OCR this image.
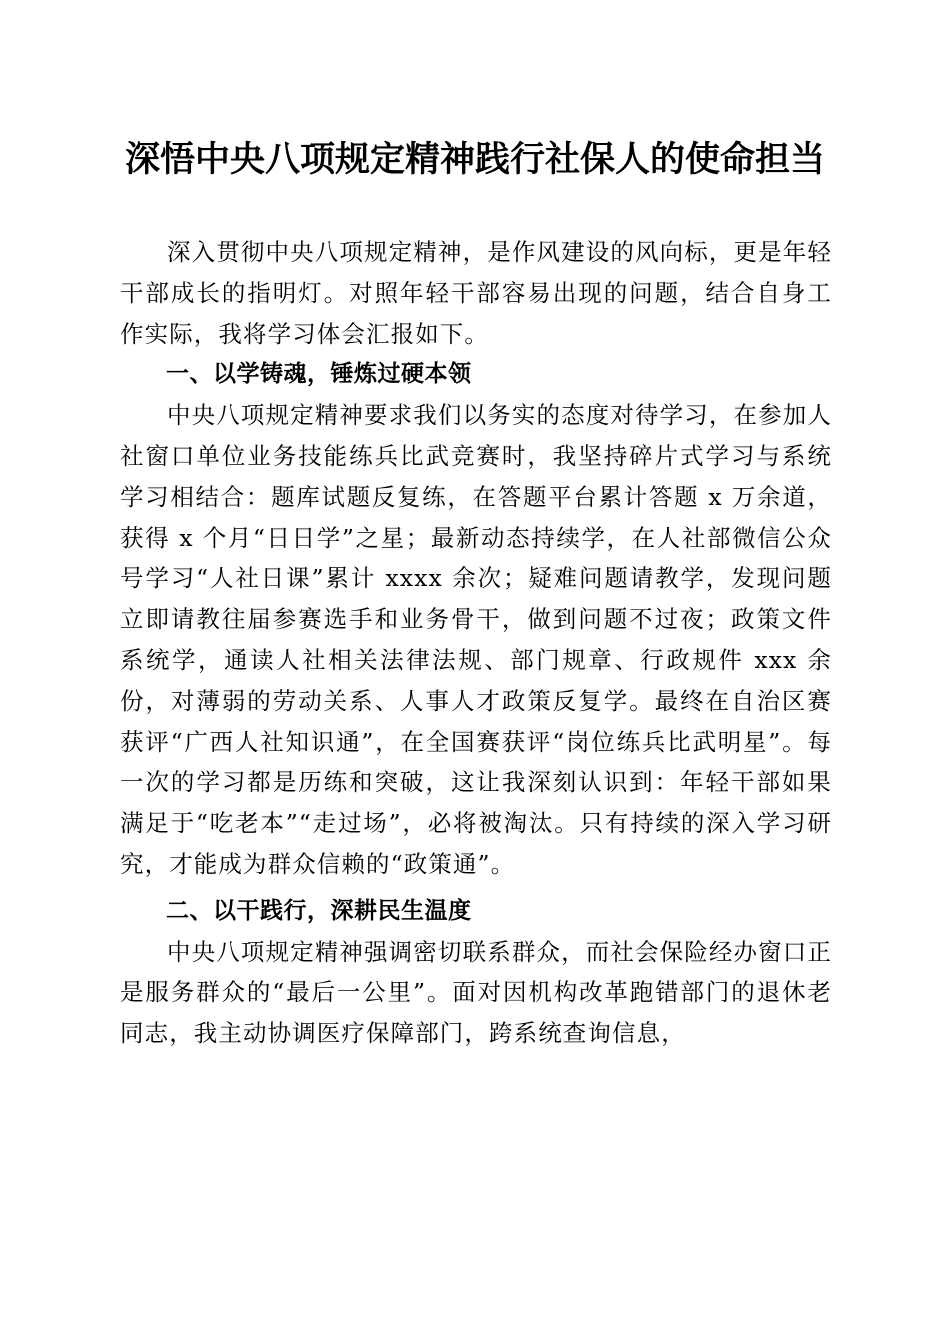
深悟中央八项规定精神践行社保人的使命担当

深入贯彻中央八项规定精神，是作风建设的风向标，更是年轻干部成长的指明灯。对照年轻干部容易出现的问题，结合自身工作实际，我将学习体会汇报如下。

一、以学铸魂，锤炼过硬本领

中央八项规定精神要求我们以务实的态度对待学习，在参加人社窗口单位业务技能练兵比武竞赛时，我坚持碎片式学习与系统学习相结合：题库试题反复练，在答题平台累计答题 x 万余道，获得 x 个月“日日学”之星；最新动态持续学，在人社部微信公众号学习“人社日课”累计 xxxx 余次；疑难问题请教学，发现问题立即请教往届参赛选手和业务骨干，做到问题不过夜；政策文件系统学，通读人社相关法律法规、部门规章、行政规件 xxx 余份，对薄弱的劳动关系、人事人才政策反复学。最终在自治区赛获评“广西人社知识通”，在全国赛获评“岗位练兵比武明星”。每一次的学习都是历练和突破，这让我深刻认识到：年轻干部如果满足于“吃老本”“走过场”，必将被淘汰。只有持续的深入学习研究，才能成为群众信赖的“政策通”。

二、以干践行，深耕民生温度

中央八项规定精神强调密切联系群众，而社会保险经办窗口正是服务群众的“最后一公里”。面对因机构改革跑错部门的退休老同志，我主动协调医疗保障部门，跨系统查询信息，
